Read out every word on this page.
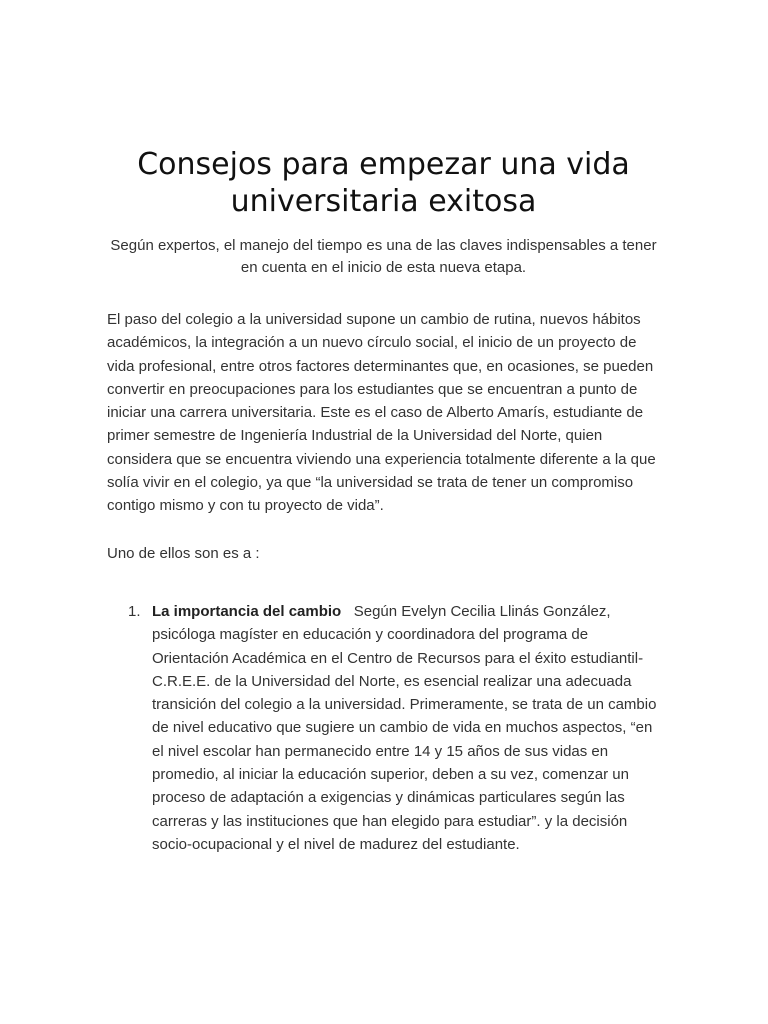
Consejos para empezar una vida universitaria exitosa

Según expertos, el manejo del tiempo es una de las claves indispensables a tener en cuenta en el inicio de esta nueva etapa.

El paso del colegio a la universidad supone un cambio de rutina, nuevos hábitos académicos, la integración a un nuevo círculo social, el inicio de un proyecto de vida profesional, entre otros factores determinantes que, en ocasiones, se pueden convertir en preocupaciones para los estudiantes que se encuentran a punto de iniciar una carrera universitaria. Este es el caso de Alberto Amarís, estudiante de primer semestre de Ingeniería Industrial de la Universidad del Norte, quien considera que se encuentra viviendo una experiencia totalmente diferente a la que solía vivir en el colegio, ya que “la universidad se trata de tener un compromiso contigo mismo y con tu proyecto de vida”.

Uno de ellos son es a :

1. La importancia del cambio Según Evelyn Cecilia Llinás González, psicóloga magíster en educación y coordinadora del programa de Orientación Académica en el Centro de Recursos para el éxito estudiantil-C.R.E.E. de la Universidad del Norte, es esencial realizar una adecuada transición del colegio a la universidad. Primeramente, se trata de un cambio de nivel educativo que sugiere un cambio de vida en muchos aspectos, “en el nivel escolar han permanecido entre 14 y 15 años de sus vidas en promedio, al iniciar la educación superior, deben a su vez, comenzar un proceso de adaptación a exigencias y dinámicas particulares según las carreras y las instituciones que han elegido para estudiar”. y la decisión socio-ocupacional y el nivel de madurez del estudiante.
